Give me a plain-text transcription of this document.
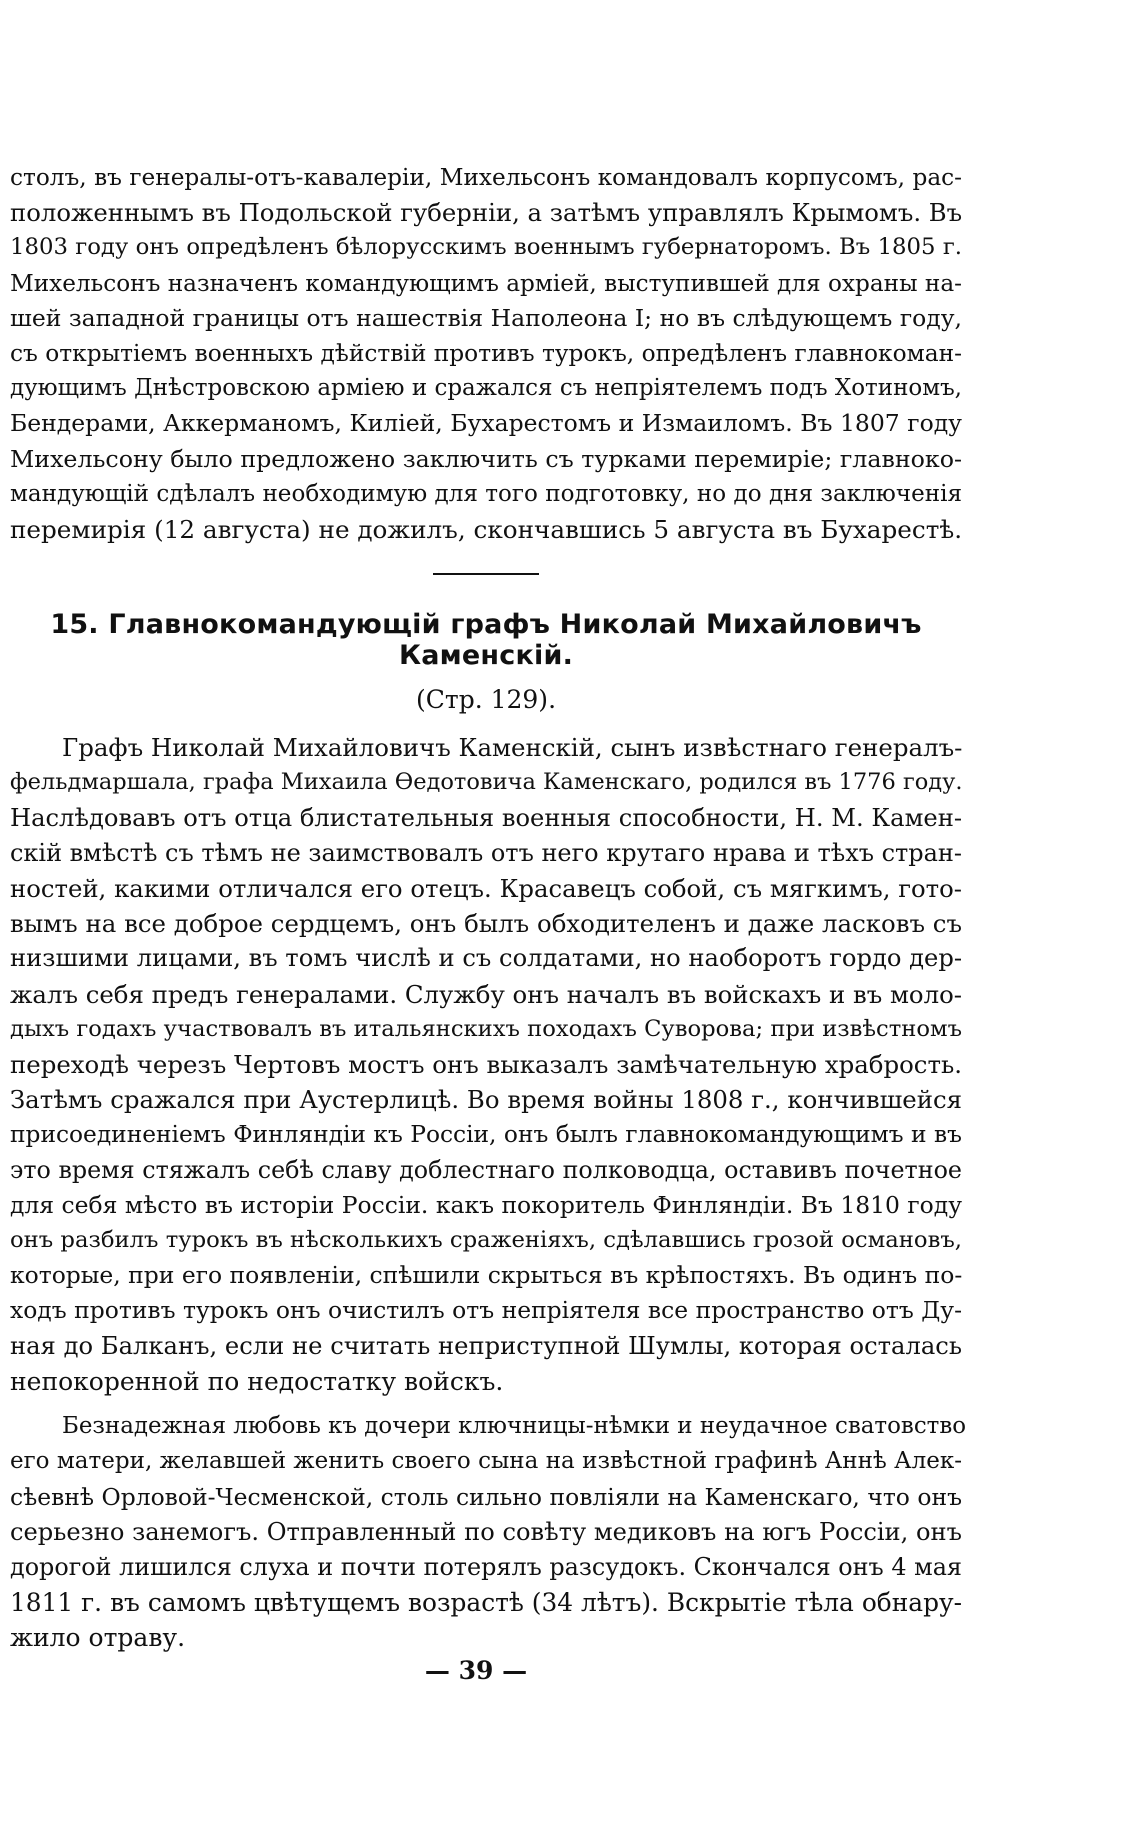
столъ, въ генералы-отъ-кавалеріи, Михельсонъ командовалъ корпусомъ, рас-
положеннымъ въ Подольской губерніи, а затѣмъ управлялъ Крымомъ. Въ
1803 году онъ опредѣленъ бѣлорусскимъ военнымъ губернаторомъ. Въ 1805 г.
Михельсонъ назначенъ командующимъ арміей, выступившей для охраны на-
шей западной границы отъ нашествія Наполеона I; но въ слѣдующемъ году,
съ открытіемъ военныхъ дѣйствій противъ турокъ, опредѣленъ главнокоман-
дующимъ Днѣстровскою арміею и сражался съ непріятелемъ подъ Хотиномъ,
Бендерами, Аккерманомъ, Киліей, Бухарестомъ и Измаиломъ. Въ 1807 году
Михельсону было предложено заключить съ турками перемиріе; главноко-
мандующій сдѣлалъ необходимую для того подготовку, но до дня заключенія
перемирія (12 августа) не дожилъ, скончавшись 5 августа въ Бухарестѣ.
15. Главнокомандующій графъ Николай Михайловичъ Каменскій.
(Стр. 129).
Графъ Николай Михайловичъ Каменскій, сынъ извѣстнаго генералъ-
фельдмаршала, графа Михаила Ѳедотовича Каменскаго, родился въ 1776 году.
Наслѣдовавъ отъ отца блистательныя военныя способности, Н. М. Камен-
скій вмѣстѣ съ тѣмъ не заимствовалъ отъ него крутаго нрава и тѣхъ стран-
ностей, какими отличался его отецъ. Красавецъ собой, съ мягкимъ, гото-
вымъ на все доброе сердцемъ, онъ былъ обходителенъ и даже ласковъ съ
низшими лицами, въ томъ числѣ и съ солдатами, но наоборотъ гордо дер-
жалъ себя предъ генералами. Службу онъ началъ въ войскахъ и въ моло-
дыхъ годахъ участвовалъ въ итальянскихъ походахъ Суворова; при извѣстномъ
переходѣ черезъ Чертовъ мостъ онъ выказалъ замѣчательную храбрость.
Затѣмъ сражался при Аустерлицѣ. Во время войны 1808 г., кончившейся
присоединеніемъ Финляндіи къ Россіи, онъ былъ главнокомандующимъ и въ
это время стяжалъ себѣ славу доблестнаго полководца, оставивъ почетное
для себя мѣсто въ исторіи Россіи. какъ покоритель Финляндіи. Въ 1810 году
онъ разбилъ турокъ въ нѣсколькихъ сраженіяхъ, сдѣлавшись грозой османовъ,
которые, при его появленіи, спѣшили скрыться въ крѣпостяхъ. Въ одинъ по-
ходъ противъ турокъ онъ очистилъ отъ непріятеля все пространство отъ Ду-
ная до Балканъ, если не считать неприступной Шумлы, которая осталась
непокоренной по недостатку войскъ.
Безнадежная любовь къ дочери ключницы-нѣмки и неудачное сватовство
его матери, желавшей женить своего сына на извѣстной графинѣ Аннѣ Алек-
сѣевнѣ Орловой-Чесменской, столь сильно повліяли на Каменскаго, что онъ
серьезно занемогъ. Отправленный по совѣту медиковъ на югъ Россіи, онъ
дорогой лишился слуха и почти потерялъ разсудокъ. Скончался онъ 4 мая
1811 г. въ самомъ цвѣтущемъ возрастѣ (34 лѣтъ). Вскрытіе тѣла обнару-
жило отраву.
— 39 —
